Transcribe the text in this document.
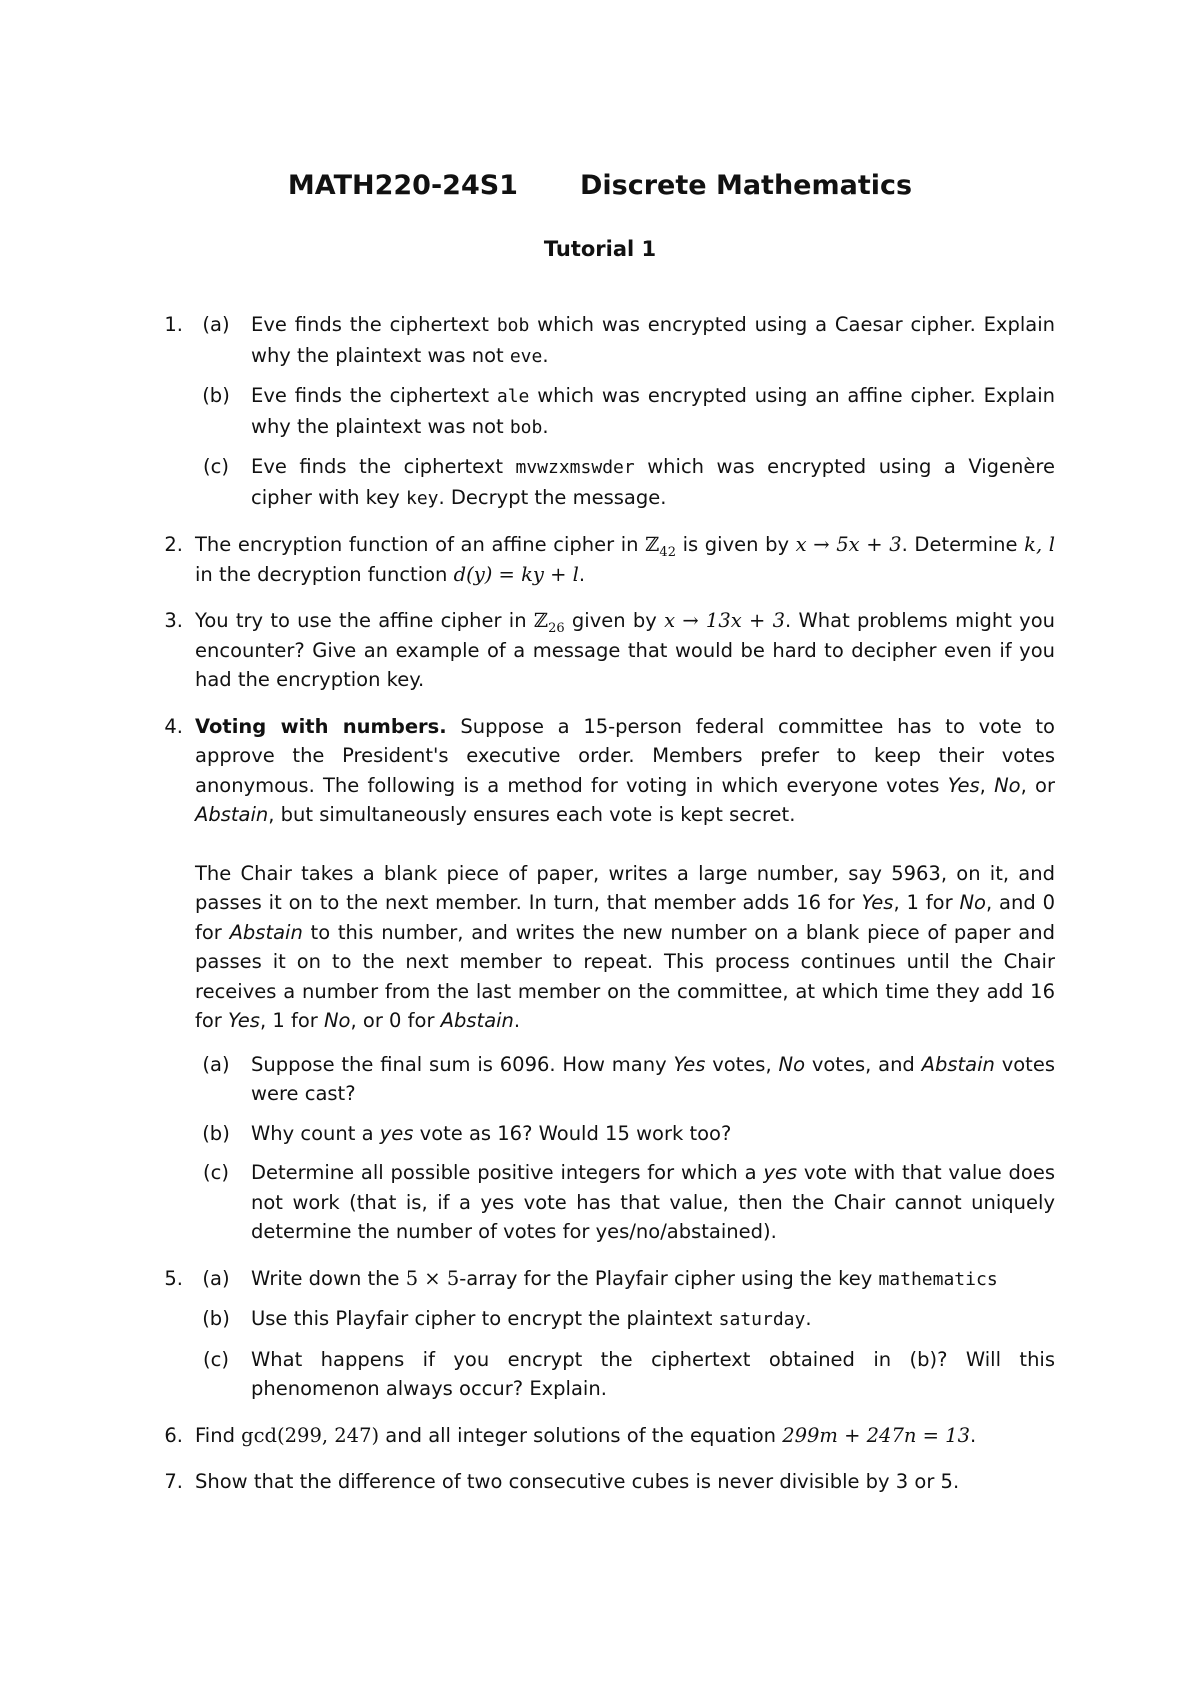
MATH220-24S1 Discrete Mathematics
Tutorial 1
1. (a)	Eve finds the ciphertext bob which was encrypted using a Caesar cipher. Explain why the plaintext was not eve.
(b)	Eve finds the ciphertext ale which was encrypted using an affine cipher. Explain why the plaintext was not bob.
(c)	Eve finds the ciphertext mvwzxmswder which was encrypted using a Vigenère cipher with key key. Decrypt the message.
2. The encryption function of an affine cipher in ℤ$_{42}$ is given by x → 5x + 3. Determine k, l in the decryption function d(y) = ky + l.
3. You try to use the affine cipher in ℤ$_{26}$ given by x → 13x + 3. What problems might you encounter? Give an example of a message that would be hard to decipher even if you had the encryption key.
4. Voting with numbers. Suppose a 15-person federal committee has to vote to approve the President's executive order. Members prefer to keep their votes anonymous. The following is a method for voting in which everyone votes Yes, No, or Abstain, but simultaneously ensures each vote is kept secret.

The Chair takes a blank piece of paper, writes a large number, say 5963, on it, and passes it on to the next member. In turn, that member adds 16 for Yes, 1 for No, and 0 for Abstain to this number, and writes the new number on a blank piece of paper and passes it on to the next member to repeat. This process continues until the Chair receives a number from the last member on the committee, at which time they add 16 for Yes, 1 for No, or 0 for Abstain.

(a)	Suppose the final sum is 6096. How many Yes votes, No votes, and Abstain votes were cast?
(b)	Why count a yes vote as 16? Would 15 work too?
(c)	Determine all possible positive integers for which a yes vote with that value does not work (that is, if a yes vote has that value, then the Chair cannot uniquely determine the number of votes for yes/no/abstained).
5. (a)	Write down the 5 × 5-array for the Playfair cipher using the key mathematics
(b)	Use this Playfair cipher to encrypt the plaintext saturday.
(c)	What happens if you encrypt the ciphertext obtained in (b)? Will this phenomenon always occur? Explain.
6. Find gcd(299, 247) and all integer solutions of the equation 299m + 247n = 13.
7. Show that the difference of two consecutive cubes is never divisible by 3 or 5.
